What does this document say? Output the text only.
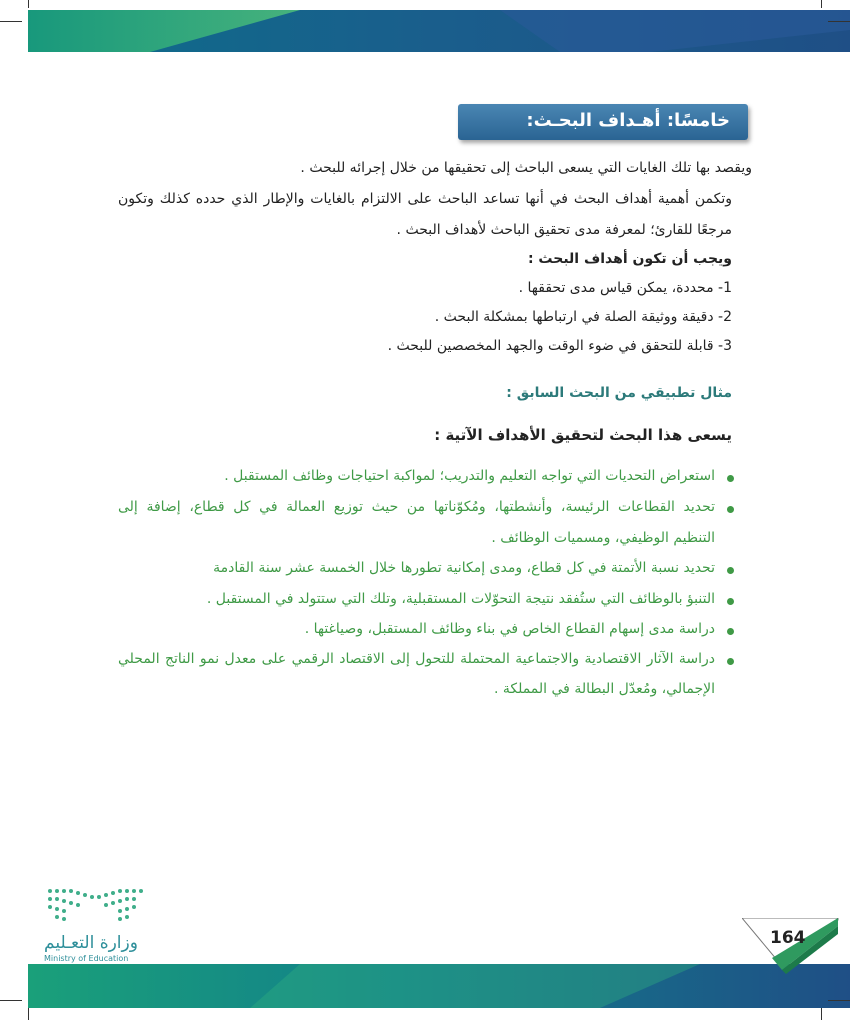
خامسًا: أهـداف البحـث:
ويقصد بها تلك الغايات التي يسعى الباحث إلى تحقيقها من خلال إجرائه للبحث .
وتكمن أهمية أهداف البحث في أنها تساعد الباحث على الالتزام بالغايات والإطار الذي حدده كذلك وتكون
مرجعًا للقارئ؛ لمعرفة مدى تحقيق الباحث لأهداف البحث .
ويجب أن تكون أهداف البحث :
1- محددة، يمكن قياس مدى تحققها .
2- دقيقة ووثيقة الصلة في ارتباطها بمشكلة البحث .
3- قابلة للتحقق في ضوء الوقت والجهد المخصصين للبحث .
مثال تطبيقي من البحث السابق :
يسعى هذا البحث لتحقيق الأهداف الآتية :
استعراض التحديات التي تواجه التعليم والتدريب؛ لمواكبة احتياجات وظائف المستقبل .
تحديد القطاعات الرئيسة، وأنشطتها، ومُكوّناتها من حيث توزيع العمالة في كل قطاع، إضافة إلى
التنظيم الوظيفي، ومسميات الوظائف .
تحديد نسبة الأتمتة في كل قطاع، ومدى إمكانية تطورها خلال الخمسة عشر سنة القادمة
التنبؤ بالوظائف التي ستُفقد نتيجة التحوّلات المستقبلية، وتلك التي ستتولد في المستقبل .
دراسة مدى إسهام القطاع الخاص في بناء وظائف المستقبل، وصياغتها .
دراسة الآثار الاقتصادية والاجتماعية المحتملة للتحول إلى الاقتصاد الرقمي على معدل نمو الناتج المحلي
الإجمالي، ومُعدّل البطالة في المملكة .
وزارة التعـليم
Ministry of Education
164
